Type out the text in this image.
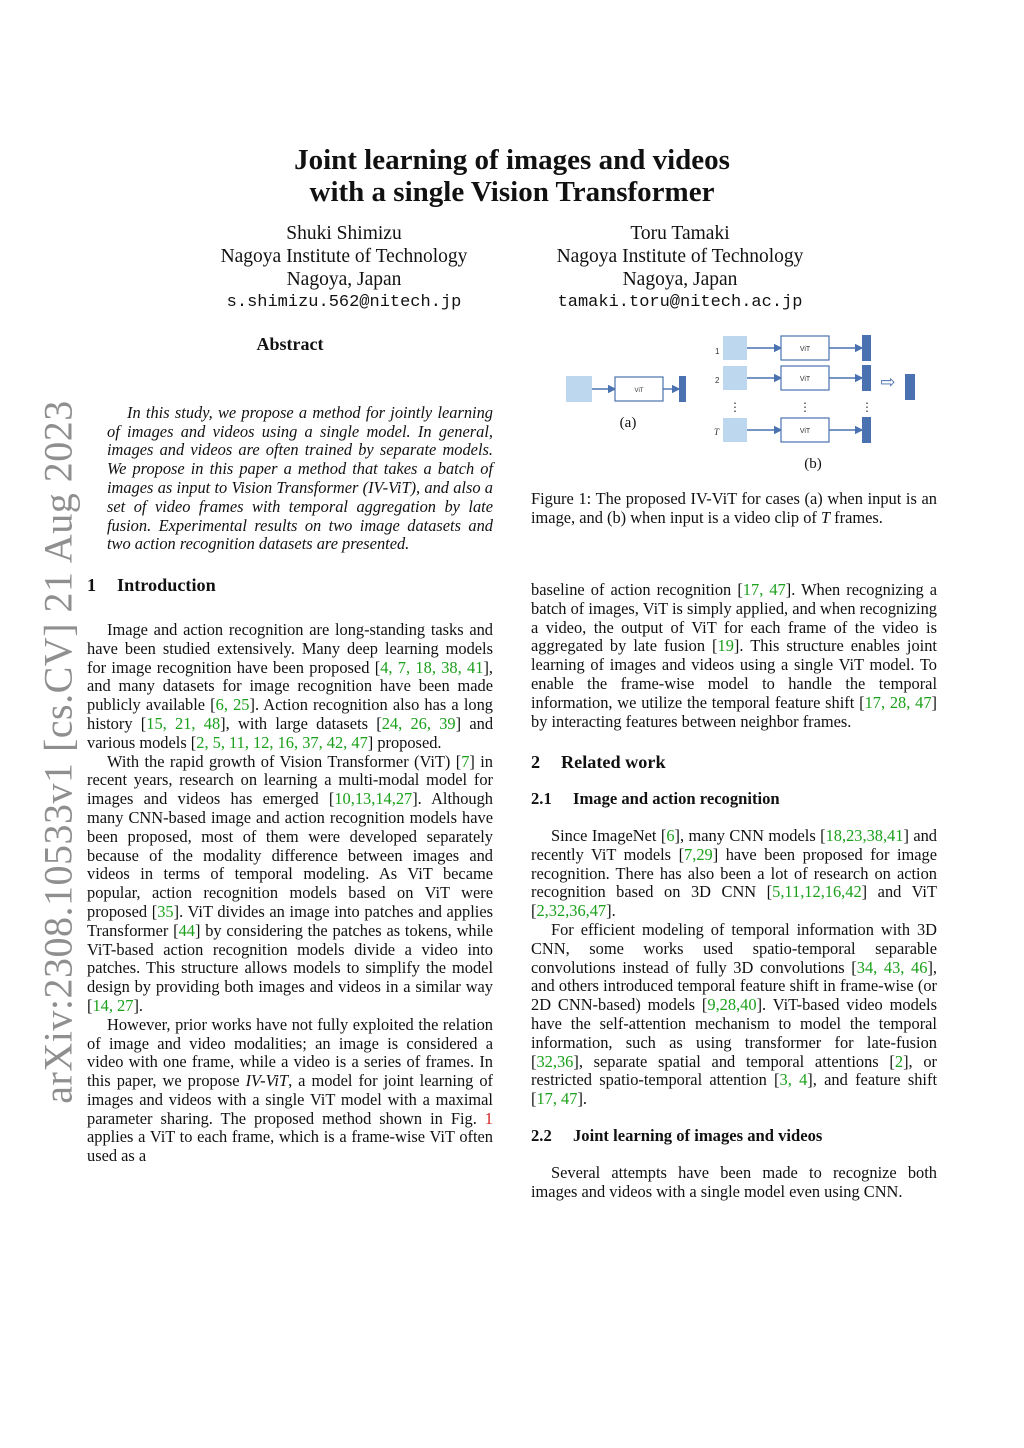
arXiv:2308.10533v1 [cs.CV] 21 Aug 2023
Joint learning of images and videos
with a single Vision Transformer
Shuki Shimizu
Nagoya Institute of Technology
Nagoya, Japan
s.shimizu.562@nitech.jp
Toru Tamaki
Nagoya Institute of Technology
Nagoya, Japan
tamaki.toru@nitech.ac.jp
Abstract

In this study, we propose a method for jointly learning of images and videos using a single model. In general, images and videos are often trained by separate models. We propose in this paper a method that takes a batch of images as input to Vision Transformer (IV-ViT), and also a set of video frames with temporal aggregation by late fusion. Experimental results on two image datasets and two action recognition datasets are presented.

1 Introduction

Image and action recognition are long-standing tasks and have been studied extensively. Many deep learning models for image recognition have been proposed [4, 7, 18, 38, 41], and many datasets for image recognition have been made publicly available [6, 25]. Action recognition also has a long history [15, 21, 48], with large datasets [24, 26, 39] and various models [2, 5, 11, 12, 16, 37, 42, 47] proposed.

With the rapid growth of Vision Transformer (ViT) [7] in recent years, research on learning a multi-modal model for images and videos has emerged [10,13,14,27]. Although many CNN-based image and action recognition models have been proposed, most of them were developed separately because of the modality difference between images and videos in terms of temporal modeling. As ViT became popular, action recognition models based on ViT were proposed [35]. ViT divides an image into patches and applies Transformer [44] by considering the patches as tokens, while ViT-based action recognition models divide a video into patches. This structure allows models to simplify the model design by providing both images and videos in a similar way [14, 27].

However, prior works have not fully exploited the relation of image and video modalities; an image is considered a video with one frame, while a video is a series of frames. In this paper, we propose IV-ViT, a model for joint learning of images and videos with a single ViT model with a maximal parameter sharing. The proposed method shown in Fig. 1 applies a ViT to each frame, which is a frame-wise ViT often used as a

ViT
(a)
1	ViT
2	ViT
⋮	⋮	⋮
T	ViT
⇨
(b)
Figure 1: The proposed IV-ViT for cases (a) when input is an image, and (b) when input is a video clip of T frames.

baseline of action recognition [17, 47]. When recognizing a batch of images, ViT is simply applied, and when recognizing a video, the output of ViT for each frame of the video is aggregated by late fusion [19]. This structure enables joint learning of images and videos using a single ViT model. To enable the frame-wise model to handle the temporal information, we utilize the temporal feature shift [17, 28, 47] by interacting features between neighbor frames.

2 Related work
2.1 Image and action recognition

Since ImageNet [6], many CNN models [18,23,38,41] and recently ViT models [7,29] have been proposed for image recognition. There has also been a lot of research on action recognition based on 3D CNN [5,11,12,16,42] and ViT [2,32,36,47].

For efficient modeling of temporal information with 3D CNN, some works used spatio-temporal separable convolutions instead of fully 3D convolutions [34, 43, 46], and others introduced temporal feature shift in frame-wise (or 2D CNN-based) models [9,28,40]. ViT-based video models have the self-attention mechanism to model the temporal information, such as using transformer for late-fusion [32,36], separate spatial and temporal attentions [2], or restricted spatio-temporal attention [3, 4], and feature shift [17, 47].

2.2 Joint learning of images and videos

Several attempts have been made to recognize both images and videos with a single model even using CNN.
